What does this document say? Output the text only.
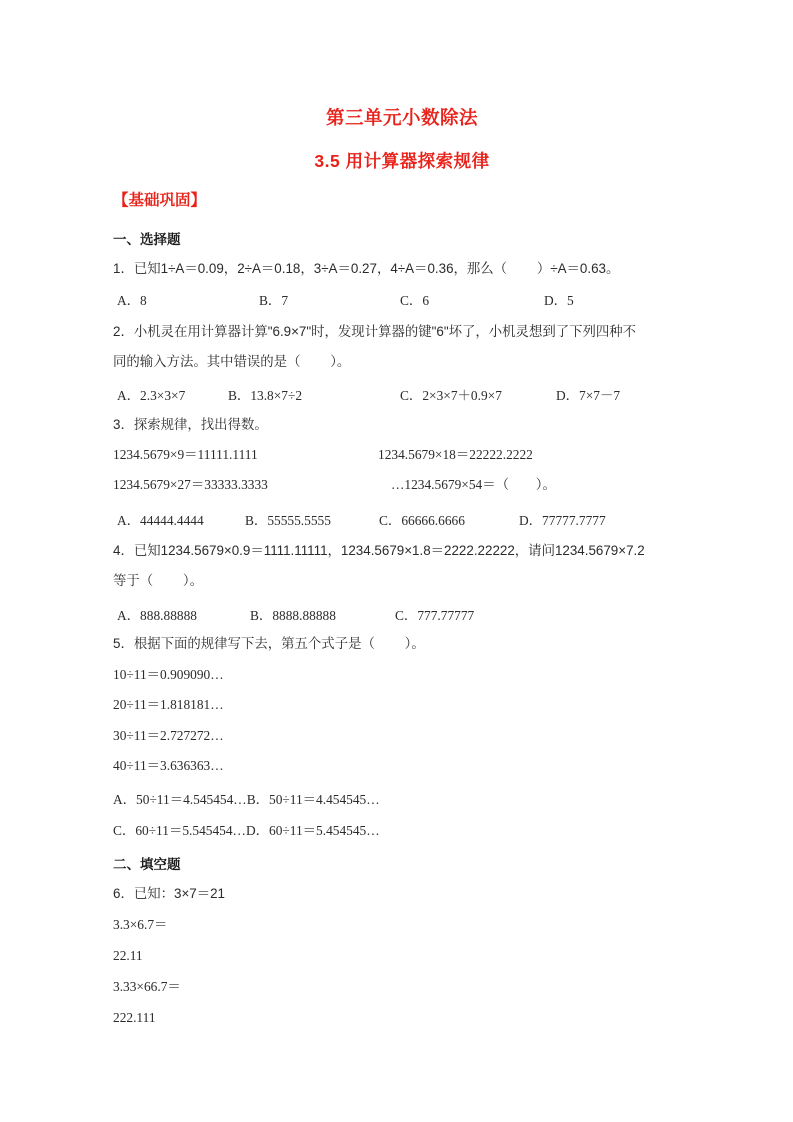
第三单元小数除法
3.5 用计算器探索规律
【基础巩固】
一、选择题
1．已知1÷A＝0.09，2÷A＝0.18，3÷A＝0.27，4÷A＝0.36，那么（        ）÷A＝0.63。
A．8	B．7	C．6	D．5
2．小机灵在用计算器计算"6.9×7"时，发现计算器的键"6"坏了，小机灵想到了下列四种不
同的输入方法。其中错误的是（        ）。
A．2.3×3×7	B．13.8×7÷2	C．2×3×7＋0.9×7	D．7×7－7
3．探索规律，找出得数。
1234.5679×9＝11111.1111	1234.5679×18＝22222.2222
1234.5679×27＝33333.3333	…1234.5679×54＝（        ）。
A．44444.4444	B．55555.5555	C．66666.6666	D．77777.7777
4．已知1234.5679×0.9＝1111.11111，1234.5679×1.8＝2222.22222，请问1234.5679×7.2
等于（        ）。
A．888.88888	B．8888.88888	C．777.77777
5．根据下面的规律写下去，第五个式子是（        ）。
10÷11＝0.909090…
20÷11＝1.818181…
30÷11＝2.727272…
40÷11＝3.636363…
A．50÷11＝4.545454…B．50÷11＝4.454545…
C．60÷11＝5.545454…D．60÷11＝5.454545…
二、填空题
6．已知：3×7＝21
3.3×6.7＝
22.11
3.33×66.7＝
222.111
